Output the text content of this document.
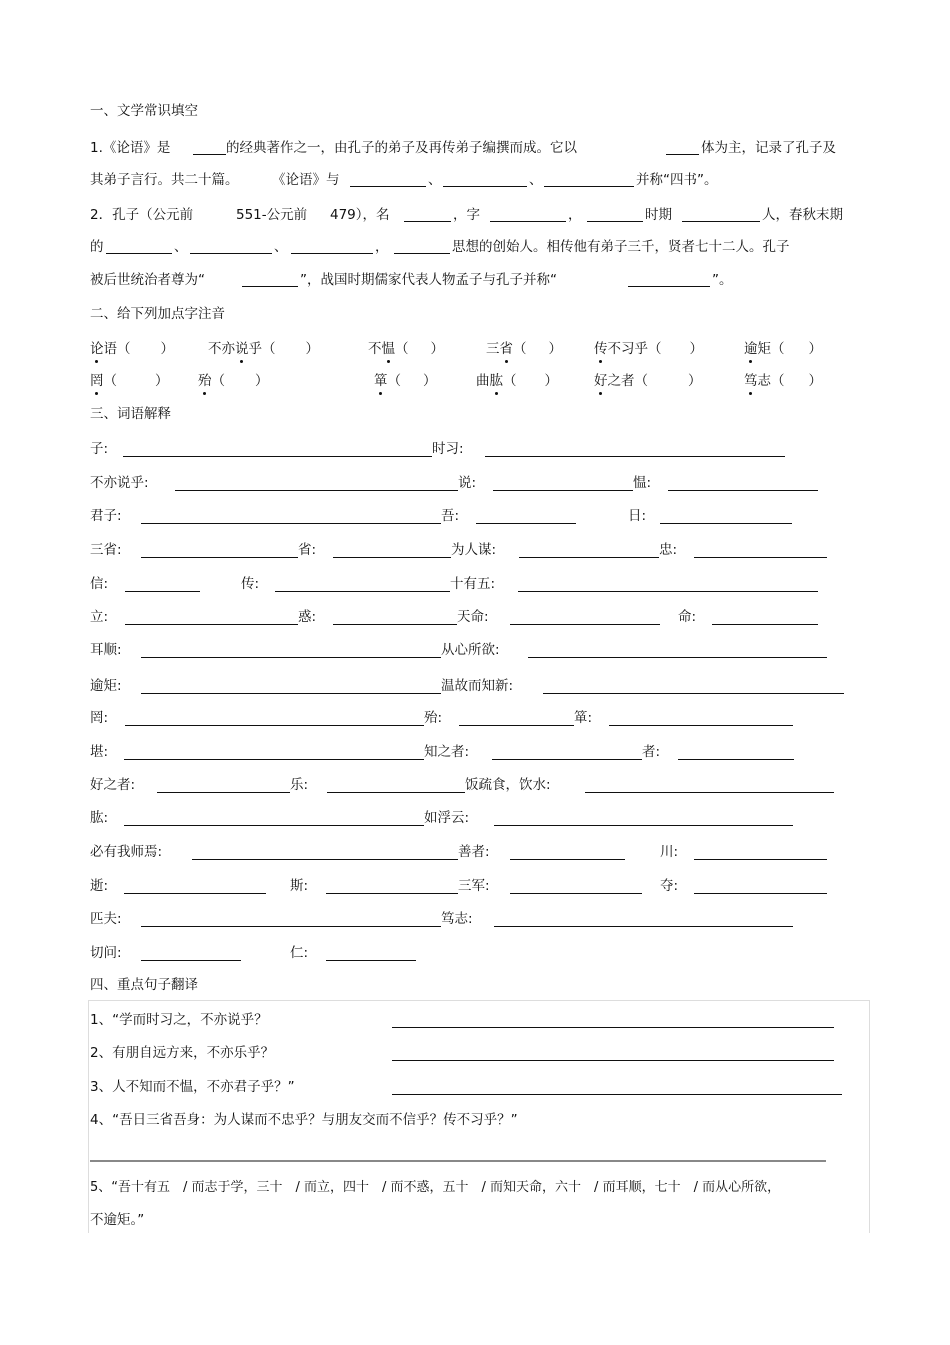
一、文学常识填空
1.《论语》是	的经典著作之一，由孔子的弟子及再传弟子编撰而成。它以	体为主，记录了孔子及
其弟子言行。共二十篇。 《论语》与	、	、	并称“四书”。
2．孔子（公元前	551-公元前 479），名	，字	，	时期	人，春秋末期
的	、	、	，	思想的创始人。相传他有弟子三千，贤者七十二人。孔子
被后世统治者尊为“	”，战国时期儒家代表人物孟子与孔子并称“	”。
二、给下列加点字注音
论语（ ）	不亦说乎（ ）	不愠（ ）	三省（ ） 传不习乎（ ）	逾矩（ ）
罔（	） 殆（ ）	箪（ ）	曲肱（ ）	好之者（	）	笃志（ ）
三、词语解释
子:	时习:
不亦说乎:	说:	愠:
君子:	吾:	日:
三省:	省:	为人谋:	忠:
信:	传:	十有五:
立:	惑:	天命:	命:
耳顺:	从心所欲:
逾矩:	温故而知新:
罔:	殆:	箪:
堪:	知之者:	者:
好之者:	乐:	饭疏食，饮水:
肱:	如浮云:
必有我师焉:	善者:	川:
逝:	斯:	三军:	夺:
匹夫:	笃志:
切问:	仁:
四、重点句子翻译
1、“学而时习之，不亦说乎？
2、有朋自远方来，不亦乐乎？
3、人不知而不愠，不亦君子乎？”
4、“吾日三省吾身：为人谋而不忠乎？与朋友交而不信乎？传不习乎？”
5、“吾十有五　/ 而志于学，三十　/ 而立，四十　/ 而不惑，五十　/ 而知天命，六十　/ 而耳顺，七十　/ 而从心所欲，
不逾矩。”
